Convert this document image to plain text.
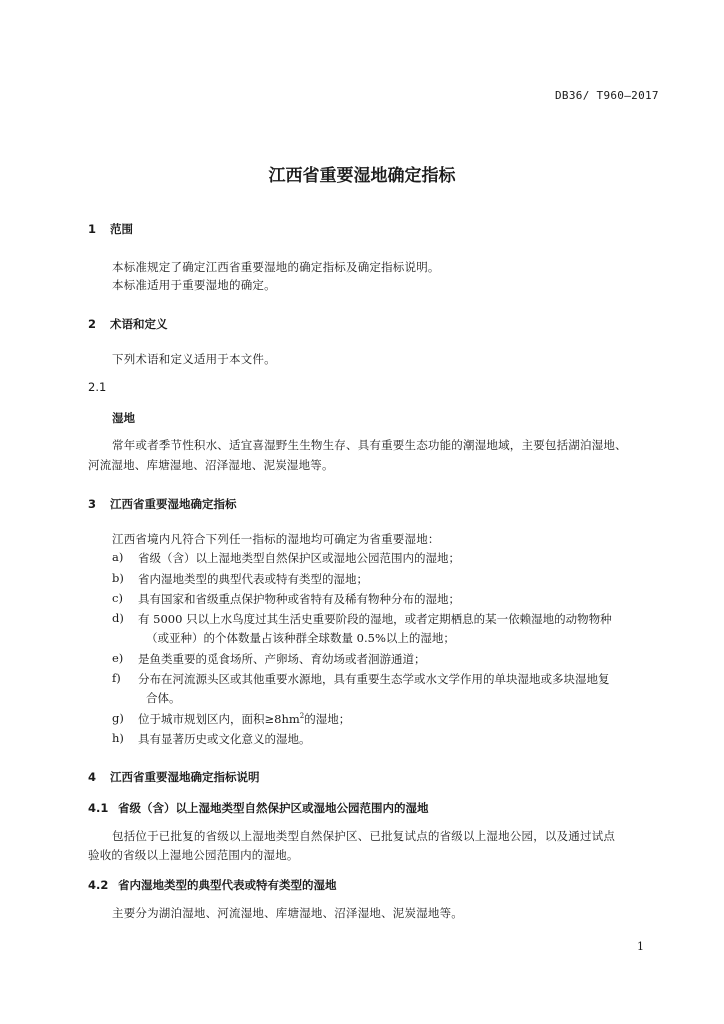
DB36/ T960—2017
江西省重要湿地确定指标
1 范围
本标准规定了确定江西省重要湿地的确定指标及确定指标说明。
本标准适用于重要湿地的确定。
2 术语和定义
下列术语和定义适用于本文件。
2.1
湿地
常年或者季节性积水、适宜喜湿野生生物生存、具有重要生态功能的潮湿地域，主要包括湖泊湿地、
河流湿地、库塘湿地、沼泽湿地、泥炭湿地等。
3 江西省重要湿地确定指标
江西省境内凡符合下列任一指标的湿地均可确定为省重要湿地：
a) 省级（含）以上湿地类型自然保护区或湿地公园范围内的湿地；
b) 省内湿地类型的典型代表或特有类型的湿地；
c) 具有国家和省级重点保护物种或省特有及稀有物种分布的湿地；
d) 有 5000 只以上水鸟度过其生活史重要阶段的湿地，或者定期栖息的某一依赖湿地的动物物种
（或亚种）的个体数量占该种群全球数量 0.5%以上的湿地；
e) 是鱼类重要的觅食场所、产卵场、育幼场或者洄游通道；
f) 分布在河流源头区或其他重要水源地，具有重要生态学或水文学作用的单块湿地或多块湿地复
合体。
g) 位于城市规划区内，面积$\ge 8hm^2$的湿地；
h) 具有显著历史或文化意义的湿地。
4 江西省重要湿地确定指标说明
4.1 省级（含）以上湿地类型自然保护区或湿地公园范围内的湿地
包括位于已批复的省级以上湿地类型自然保护区、已批复试点的省级以上湿地公园，以及通过试点
验收的省级以上湿地公园范围内的湿地。
4.2 省内湿地类型的典型代表或特有类型的湿地
主要分为湖泊湿地、河流湿地、库塘湿地、沼泽湿地、泥炭湿地等。
1
